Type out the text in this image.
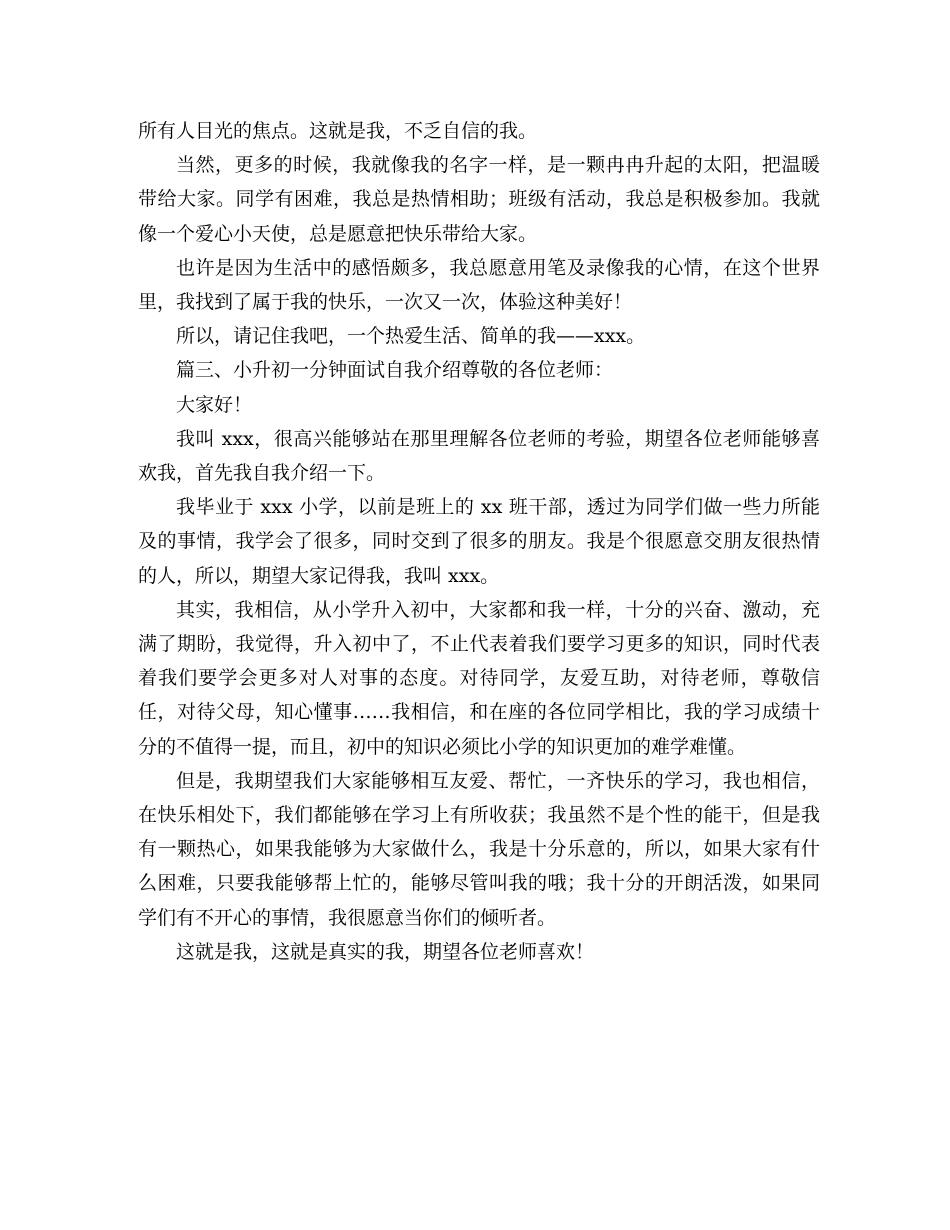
所有人目光的焦点。这就是我，不乏自信的我。

当然，更多的时候，我就像我的名字一样，是一颗冉冉升起的太阳，把温暖带给大家。同学有困难，我总是热情相助；班级有活动，我总是积极参加。我就像一个爱心小天使，总是愿意把快乐带给大家。

也许是因为生活中的感悟颇多，我总愿意用笔及录像我的心情，在这个世界里，我找到了属于我的快乐，一次又一次，体验这种美好！

所以，请记住我吧，一个热爱生活、简单的我——xxx。

篇三、小升初一分钟面试自我介绍尊敬的各位老师：

大家好！

我叫 xxx，很高兴能够站在那里理解各位老师的考验，期望各位老师能够喜欢我，首先我自我介绍一下。

我毕业于 xxx 小学，以前是班上的 xx 班干部，透过为同学们做一些力所能及的事情，我学会了很多，同时交到了很多的朋友。我是个很愿意交朋友很热情的人，所以，期望大家记得我，我叫 xxx。

其实，我相信，从小学升入初中，大家都和我一样，十分的兴奋、激动，充满了期盼，我觉得，升入初中了，不止代表着我们要学习更多的知识，同时代表着我们要学会更多对人对事的态度。对待同学，友爱互助，对待老师，尊敬信任，对待父母，知心懂事……我相信，和在座的各位同学相比，我的学习成绩十分的不值得一提，而且，初中的知识必须比小学的知识更加的难学难懂。

但是，我期望我们大家能够相互友爱、帮忙，一齐快乐的学习，我也相信，在快乐相处下，我们都能够在学习上有所收获；我虽然不是个性的能干，但是我有一颗热心，如果我能够为大家做什么，我是十分乐意的，所以，如果大家有什么困难，只要我能够帮上忙的，能够尽管叫我的哦；我十分的开朗活泼，如果同学们有不开心的事情，我很愿意当你们的倾听者。

这就是我，这就是真实的我，期望各位老师喜欢！
